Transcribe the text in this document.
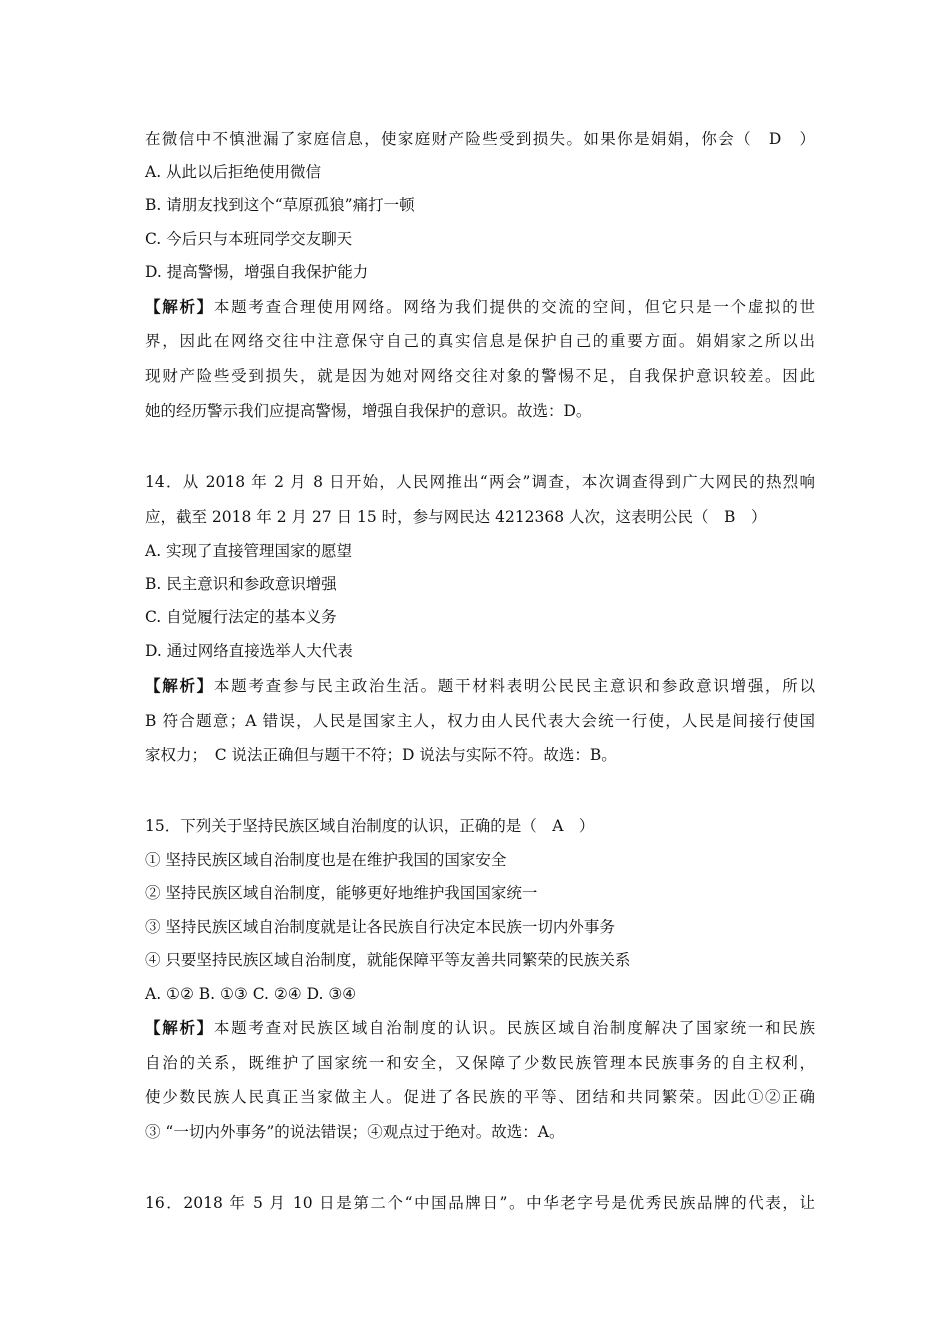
在微信中不慎泄漏了家庭信息，使家庭财产险些受到损失。如果你是娟娟，你会（　D　）
A. 从此以后拒绝使用微信
B. 请朋友找到这个“草原孤狼”痛打一顿
C. 今后只与本班同学交友聊天
D. 提高警惕，增强自我保护能力
【解析】本题考查合理使用网络。网络为我们提供的交流的空间，但它只是一个虚拟的世
界，因此在网络交往中注意保守自己的真实信息是保护自己的重要方面。娟娟家之所以出
现财产险些受到损失，就是因为她对网络交往对象的警惕不足，自我保护意识较差。因此
她的经历警示我们应提高警惕，增强自我保护的意识。故选：D。
14．从 2018 年 2 月 8 日开始，人民网推出“两会”调查，本次调查得到广大网民的热烈响
应，截至 2018 年 2 月 27 日 15 时，参与网民达 4212368 人次，这表明公民（　B　）
A. 实现了直接管理国家的愿望
B. 民主意识和参政意识增强
C. 自觉履行法定的基本义务
D. 通过网络直接选举人大代表
【解析】本题考查参与民主政治生活。题干材料表明公民民主意识和参政意识增强，所以
B 符合题意；A 错误，人民是国家主人，权力由人民代表大会统一行使，人民是间接行使国
家权力；　C 说法正确但与题干不符；D 说法与实际不符。故选：B。
15．下列关于坚持民族区域自治制度的认识，正确的是（　A　）
① 坚持民族区域自治制度也是在维护我国的国家安全
② 坚持民族区域自治制度，能够更好地维护我国国家统一
③ 坚持民族区域自治制度就是让各民族自行决定本民族一切内外事务
④ 只要坚持民族区域自治制度，就能保障平等友善共同繁荣的民族关系
A. ①② B. ①③ C. ②④ D. ③④
【解析】本题考查对民族区域自治制度的认识。民族区域自治制度解决了国家统一和民族
自治的关系，既维护了国家统一和安全，又保障了少数民族管理本民族事务的自主权利，
使少数民族人民真正当家做主人。促进了各民族的平等、团结和共同繁荣。因此①②正确
③ “一切内外事务”的说法错误；④观点过于绝对。故选：A。
16．2018 年 5 月 10 日是第二个“中国品牌日”。中华老字号是优秀民族品牌的代表，让
